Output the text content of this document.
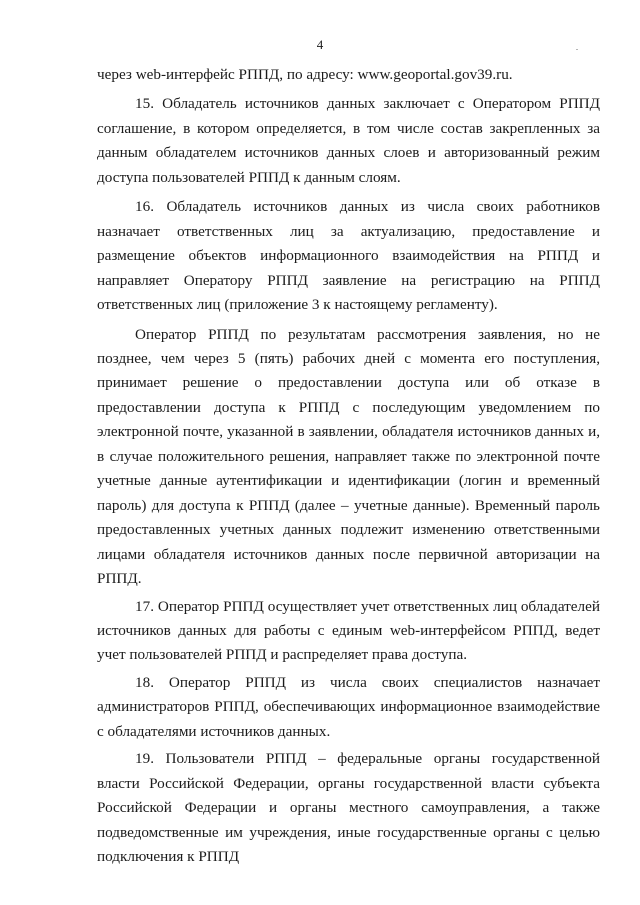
4

через web-интерфейс РППД, по адресу: www.geoportal.gov39.ru.

15. Обладатель источников данных заключает с Оператором РППД соглашение, в котором определяется, в том числе состав закрепленных за данным обладателем источников данных слоев и авторизованный режим доступа пользователей РППД к данным слоям.

16. Обладатель источников данных из числа своих работников назначает ответственных лиц за актуализацию, предоставление и размещение объектов информационного взаимодействия на РППД и направляет Оператору РППД заявление на регистрацию на РППД ответственных лиц (приложение 3 к настоящему регламенту).

Оператор РППД по результатам рассмотрения заявления, но не позднее, чем через 5 (пять) рабочих дней с момента его поступления, принимает решение о предоставлении доступа или об отказе в предоставлении доступа к РППД с последующим уведомлением по электронной почте, указанной в заявлении, обладателя источников данных и, в случае положительного решения, направляет также по электронной почте учетные данные аутентификации и идентификации (логин и временный пароль) для доступа к РППД (далее – учетные данные). Временный пароль предоставленных учетных данных подлежит изменению ответственными лицами обладателя источников данных после первичной авторизации на РППД.

17. Оператор РППД осуществляет учет ответственных лиц обладателей источников данных для работы с единым web-интерфейсом РППД, ведет учет пользователей РППД и распределяет права доступа.

18. Оператор РППД из числа своих специалистов назначает администраторов РППД, обеспечивающих информационное взаимодействие с обладателями источников данных.

19. Пользователи РППД – федеральные органы государственной власти Российской Федерации, органы государственной власти субъекта Российской Федерации и органы местного самоуправления, а также подведомственные им учреждения, иные государственные органы с целью подключения к РППД
